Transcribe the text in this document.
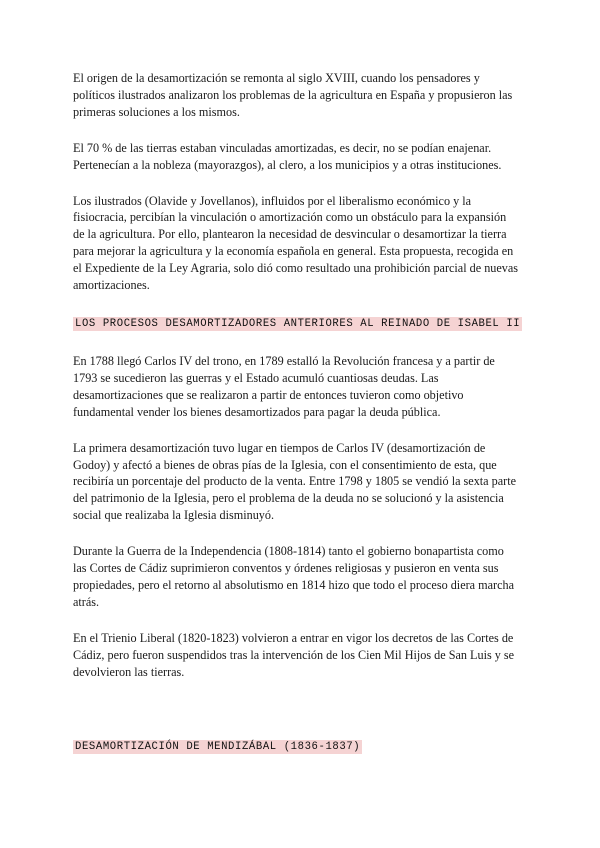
El origen de la desamortización se remonta al siglo XVIII, cuando los pensadores y políticos ilustrados analizaron los problemas de la agricultura en España y propusieron las primeras soluciones a los mismos.

El 70 % de las tierras estaban vinculadas amortizadas, es decir, no se podían enajenar. Pertenecían a la nobleza (mayorazgos), al clero, a los municipios y a otras instituciones.

Los ilustrados (Olavide y Jovellanos), influidos por el liberalismo económico y la fisiocracia, percibían la vinculación o amortización como un obstáculo para la expansión de la agricultura. Por ello, plantearon la necesidad de desvincular o desamortizar la tierra para mejorar la agricultura y la economía española en general. Esta propuesta, recogida en el Expediente de la Ley Agraria, solo dió como resultado una prohibición parcial de nuevas amortizaciones.

LOS PROCESOS DESAMORTIZADORES ANTERIORES AL REINADO DE ISABEL II

En 1788 llegó Carlos IV del trono, en 1789 estalló la Revolución francesa y a partir de 1793 se sucedieron las guerras y el Estado acumuló cuantiosas deudas. Las desamortizaciones que se realizaron a partir de entonces tuvieron como objetivo fundamental vender los bienes desamortizados para pagar la deuda pública.

La primera desamortización tuvo lugar en tiempos de Carlos IV (desamortización de Godoy) y afectó a bienes de obras pías de la Iglesia, con el consentimiento de esta, que recibiría un porcentaje del producto de la venta. Entre 1798 y 1805 se vendió la sexta parte del patrimonio de la Iglesia, pero el problema de la deuda no se solucionó y la asistencia social que realizaba la Iglesia disminuyó.

Durante la Guerra de la Independencia (1808-1814) tanto el gobierno bonapartista como las Cortes de Cádiz suprimieron conventos y órdenes religiosas y pusieron en venta sus propiedades, pero el retorno al absolutismo en 1814 hizo que todo el proceso diera marcha atrás.

En el Trienio Liberal (1820-1823) volvieron a entrar en vigor los decretos de las Cortes de Cádiz, pero fueron suspendidos tras la intervención de los Cien Mil Hijos de San Luis y se devolvieron las tierras.

DESAMORTIZACIÓN DE MENDIZÁBAL (1836-1837)
